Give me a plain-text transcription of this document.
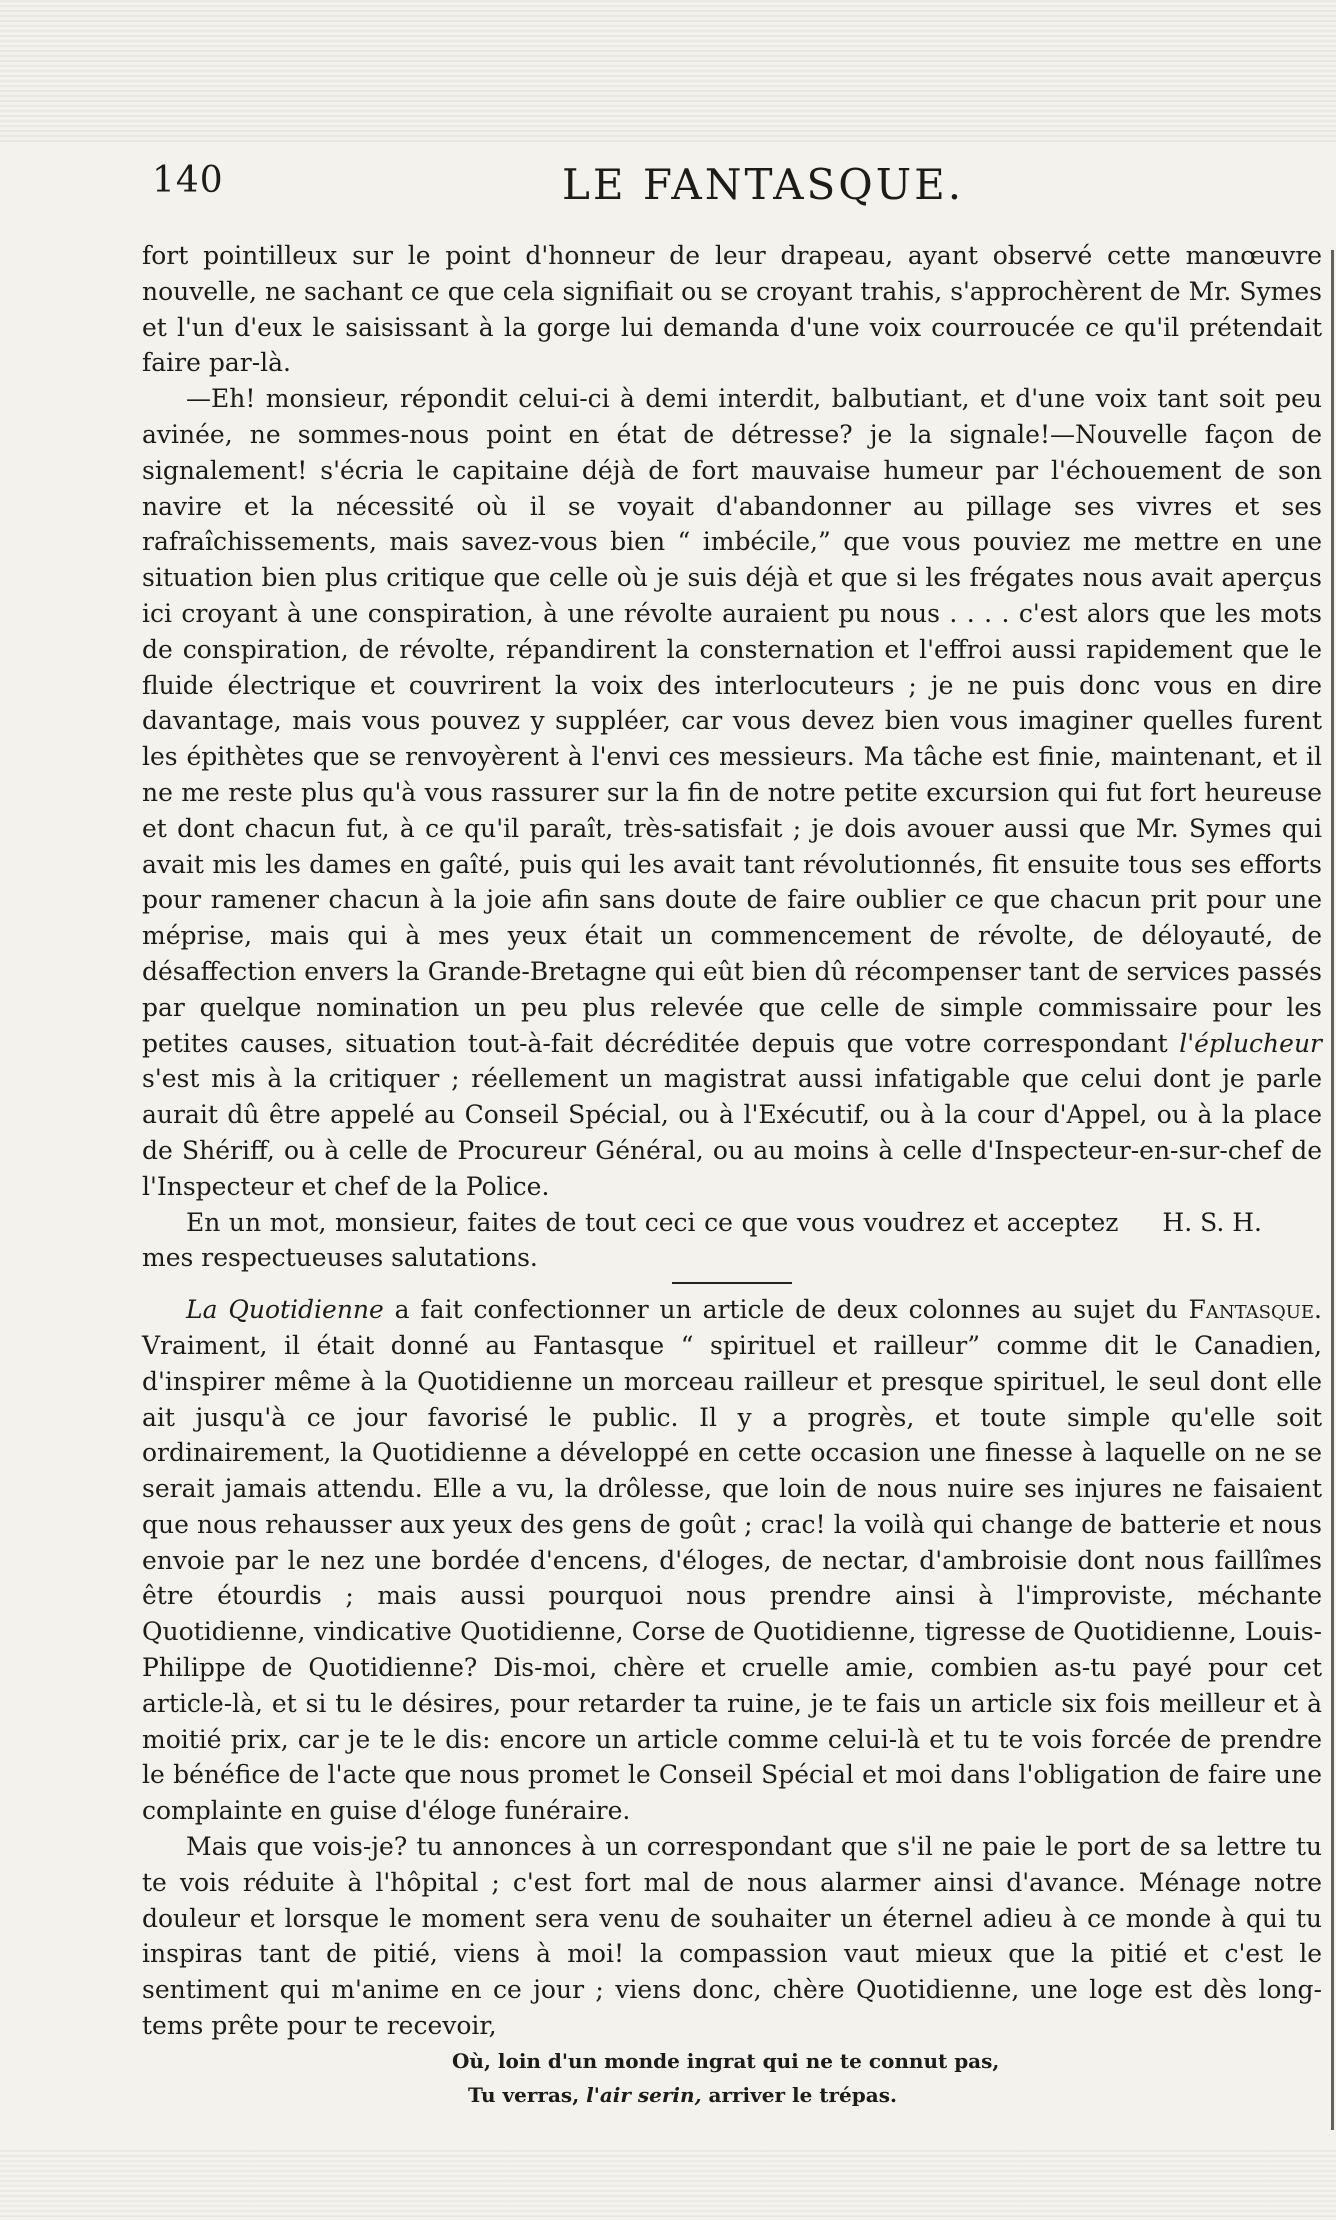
140	LE FANTASQUE.

fort pointilleux sur le point d'honneur de leur drapeau, ayant observé cette manœuvre nouvelle, ne sachant ce que cela signifiait ou se croyant trahis, s'approchèrent de Mr. Symes et l'un d'eux le saisissant à la gorge lui demanda d'une voix courroucée ce qu'il prétendait faire par-là.

—Eh! monsieur, répondit celui-ci à demi interdit, balbutiant, et d'une voix tant soit peu avinée, ne sommes-nous point en état de détresse? je la signale!—Nouvelle façon de signalement! s'écria le capitaine déjà de fort mauvaise humeur par l'échouement de son navire et la nécessité où il se voyait d'abandonner au pillage ses vivres et ses rafraîchissements, mais savez-vous bien “ imbécile,” que vous pouviez me mettre en une situation bien plus critique que celle où je suis déjà et que si les frégates nous avait aperçus ici croyant à une conspiration, à une révolte auraient pu nous . . . . c'est alors que les mots de conspiration, de révolte, répandirent la consternation et l'effroi aussi rapidement que le fluide électrique et couvrirent la voix des interlocuteurs ; je ne puis donc vous en dire davantage, mais vous pouvez y suppléer, car vous devez bien vous imaginer quelles furent les épithètes que se renvoyèrent à l'envi ces messieurs. Ma tâche est finie, maintenant, et il ne me reste plus qu'à vous rassurer sur la fin de notre petite excursion qui fut fort heureuse et dont chacun fut, à ce qu'il paraît, très-satisfait ; je dois avouer aussi que Mr. Symes qui avait mis les dames en gaîté, puis qui les avait tant révolutionnés, fit ensuite tous ses efforts pour ramener chacun à la joie afin sans doute de faire oublier ce que chacun prit pour une méprise, mais qui à mes yeux était un commencement de révolte, de déloyauté, de désaffection envers la Grande-Bretagne qui eût bien dû récompenser tant de services passés par quelque nomination un peu plus relevée que celle de simple commissaire pour les petites causes, situation tout-à-fait décréditée depuis que votre correspondant l'éplucheur s'est mis à la critiquer ; réellement un magistrat aussi infatigable que celui dont je parle aurait dû être appelé au Conseil Spécial, ou à l'Exécutif, ou à la cour d'Appel, ou à la place de Shériff, ou à celle de Procureur Général, ou au moins à celle d'Inspecteur-en-sur-chef de l'Inspecteur et chef de la Police.

En un mot, monsieur, faites de tout ceci ce que vous voudrez et acceptez mes respectueuses salutations.
H. S. H.

La Quotidienne a fait confectionner un article de deux colonnes au sujet du Fantasque. Vraiment, il était donné au Fantasque “ spirituel et railleur” comme dit le Canadien, d'inspirer même à la Quotidienne un morceau railleur et presque spirituel, le seul dont elle ait jusqu'à ce jour favorisé le public. Il y a progrès, et toute simple qu'elle soit ordinairement, la Quotidienne a développé en cette occasion une finesse à laquelle on ne se serait jamais attendu. Elle a vu, la drôlesse, que loin de nous nuire ses injures ne faisaient que nous rehausser aux yeux des gens de goût ; crac! la voilà qui change de batterie et nous envoie par le nez une bordée d'encens, d'éloges, de nectar, d'ambroisie dont nous faillîmes être étourdis ; mais aussi pourquoi nous prendre ainsi à l'improviste, méchante Quotidienne, vindicative Quotidienne, Corse de Quotidienne, tigresse de Quotidienne, Louis-Philippe de Quotidienne? Dis-moi, chère et cruelle amie, combien as-tu payé pour cet article-là, et si tu le désires, pour retarder ta ruine, je te fais un article six fois meilleur et à moitié prix, car je te le dis: encore un article comme celui-là et tu te vois forcée de prendre le bénéfice de l'acte que nous promet le Conseil Spécial et moi dans l'obligation de faire une complainte en guise d'éloge funéraire.

Mais que vois-je? tu annonces à un correspondant que s'il ne paie le port de sa lettre tu te vois réduite à l'hôpital ; c'est fort mal de nous alarmer ainsi d'avance. Ménage notre douleur et lorsque le moment sera venu de souhaiter un éternel adieu à ce monde à qui tu inspiras tant de pitié, viens à moi! la compassion vaut mieux que la pitié et c'est le sentiment qui m'anime en ce jour ; viens donc, chère Quotidienne, une loge est dès long-tems prête pour te recevoir,

Où, loin d'un monde ingrat qui ne te connut pas,

Tu verras, l'air serin, arriver le trépas.
